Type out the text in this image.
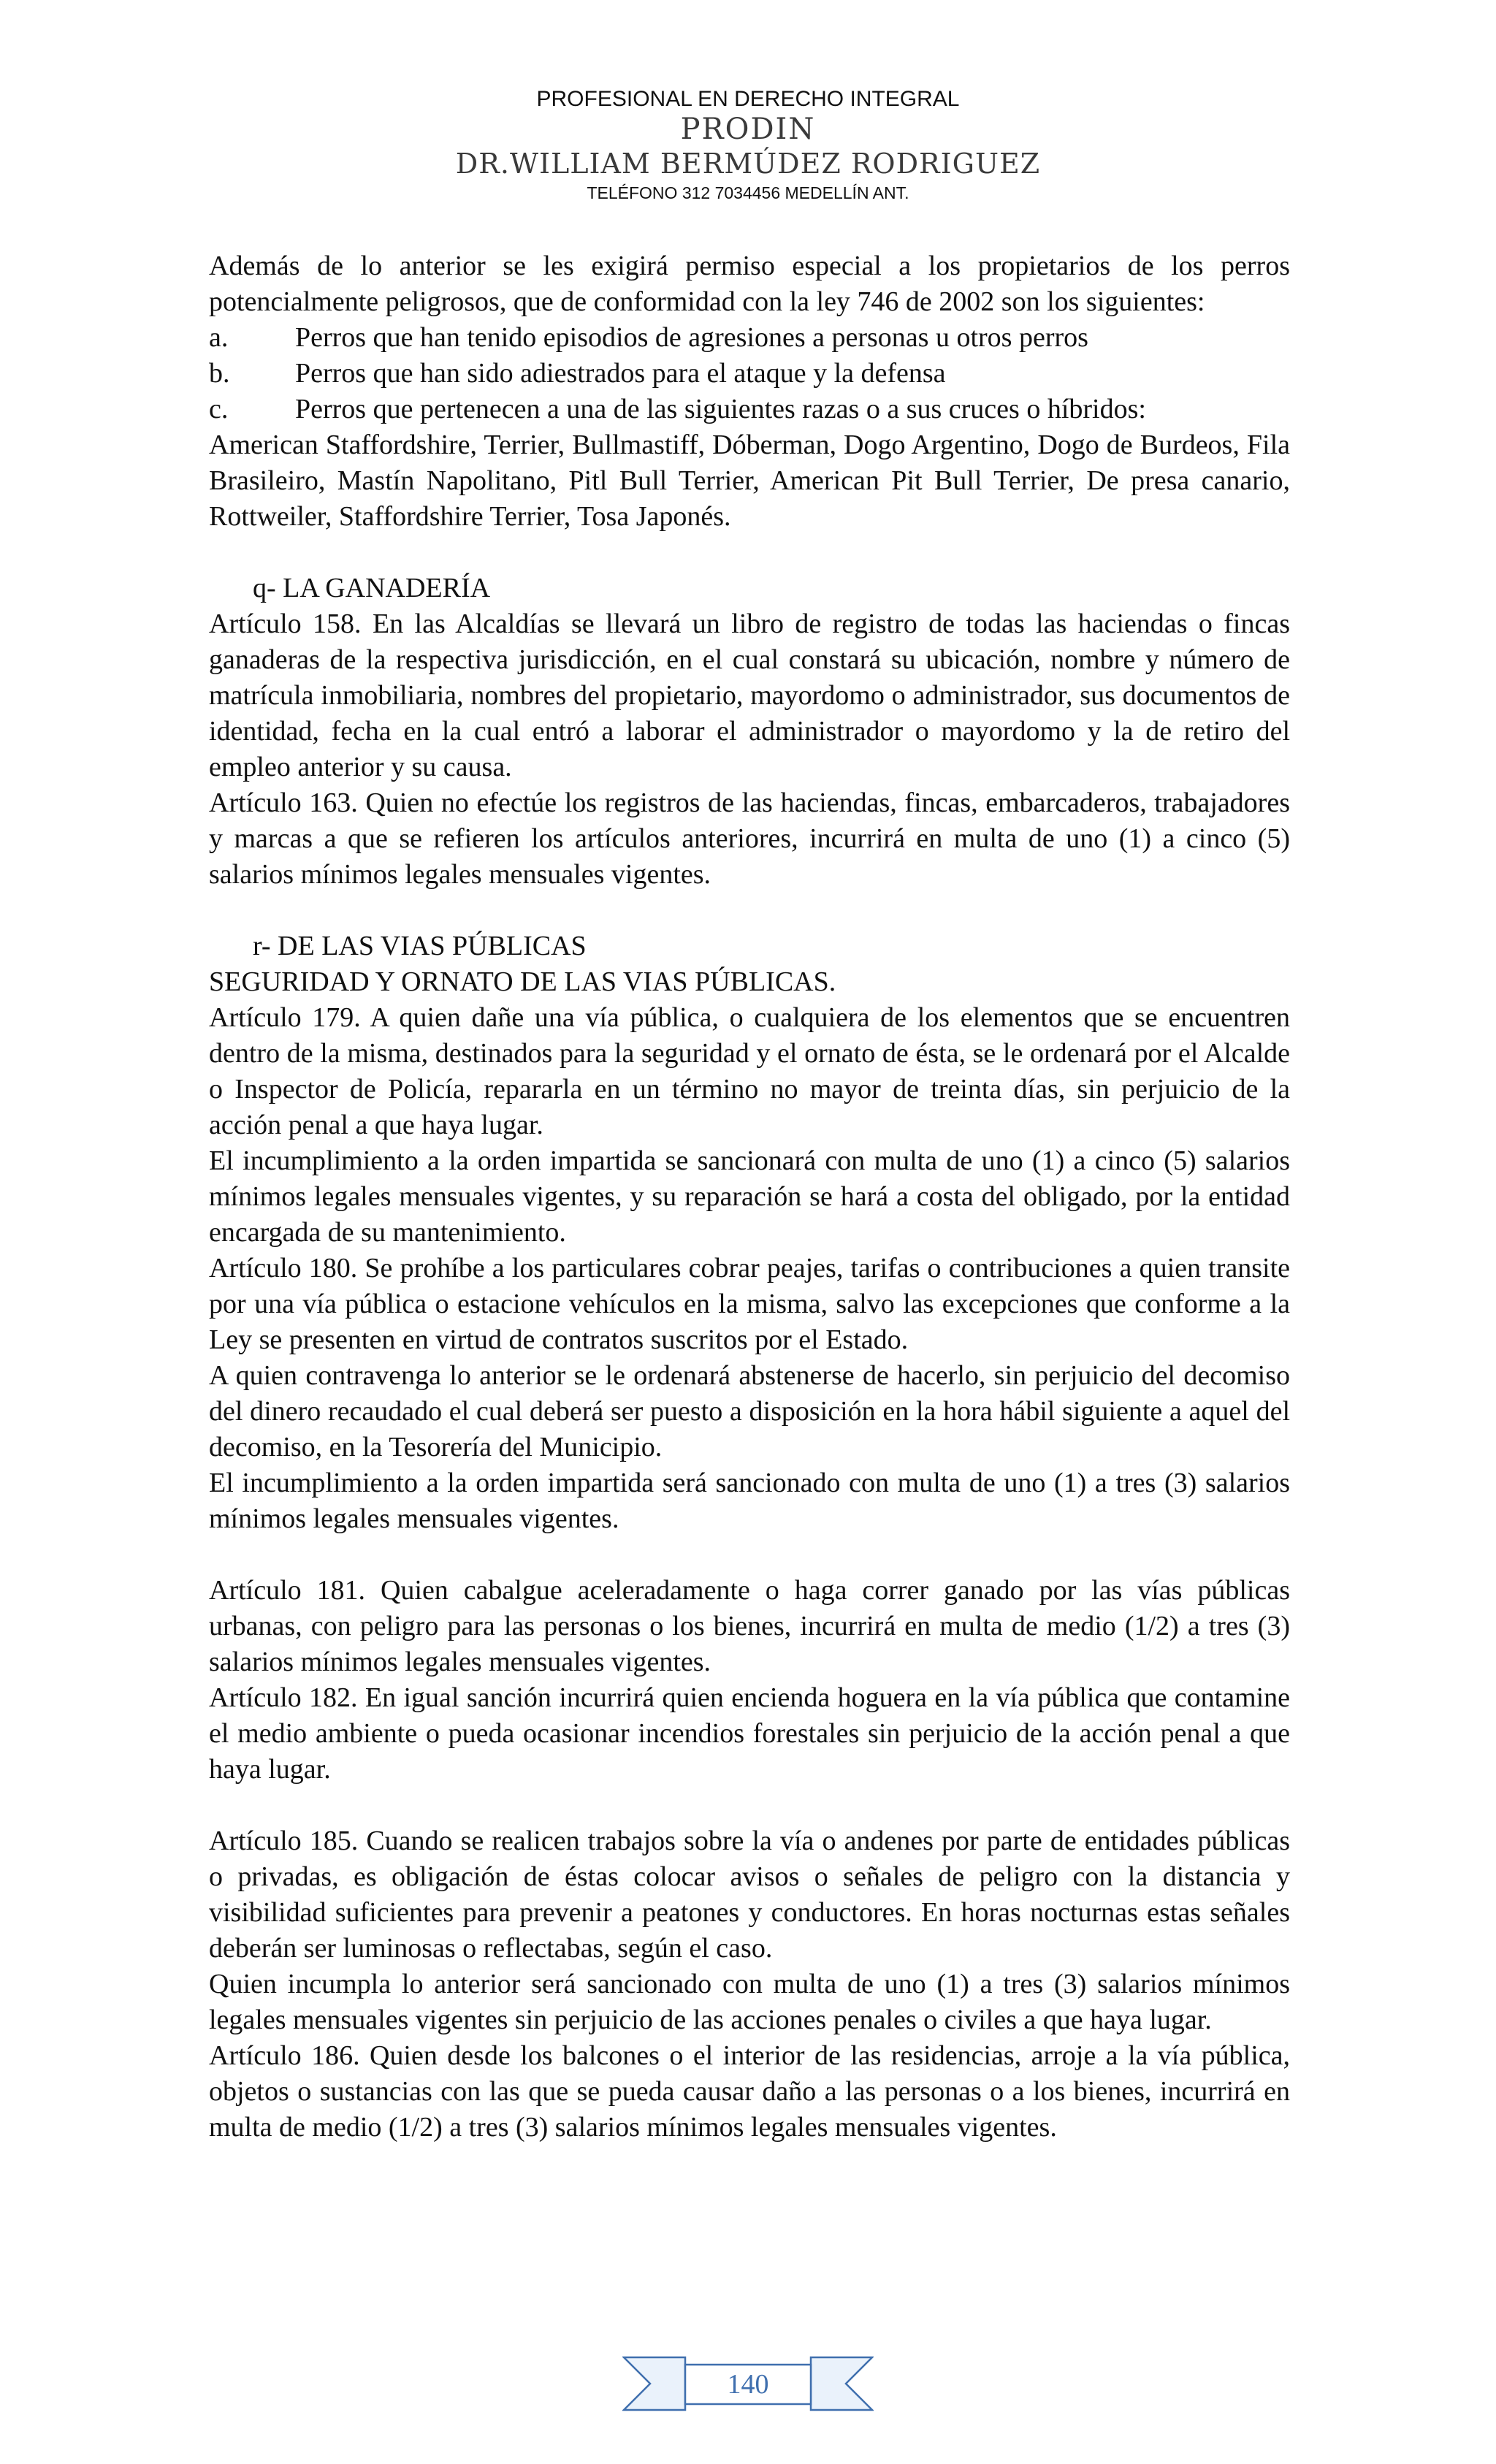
PROFESIONAL EN DERECHO INTEGRAL
PRODIN
DR.WILLIAM BERMÚDEZ RODRIGUEZ
TELÉFONO 312 7034456 MEDELLÍN ANT.

Además de lo anterior se les exigirá permiso especial a los propietarios de los perros potencialmente peligrosos, que de conformidad con la ley 746 de 2002 son los siguientes:

a.	Perros que han tenido episodios de agresiones a personas u otros perros
b.	Perros que han sido adiestrados para el ataque y la defensa
c.	Perros que pertenecen a una de las siguientes razas o a sus cruces o híbridos:

American Staffordshire, Terrier, Bullmastiff, Dóberman, Dogo Argentino, Dogo de Burdeos, Fila Brasileiro, Mastín Napolitano, Pitl Bull Terrier, American Pit Bull Terrier, De presa canario, Rottweiler, Staffordshire Terrier, Tosa Japonés.

q- LA GANADERÍA

Artículo 158. En las Alcaldías se llevará un libro de registro de todas las haciendas o fincas ganaderas de la respectiva jurisdicción, en el cual constará su ubicación, nombre y número de matrícula inmobiliaria, nombres del propietario, mayordomo o administrador, sus documentos de identidad, fecha en la cual entró a laborar el administrador o mayordomo y la de retiro del empleo anterior y su causa.

Artículo 163. Quien no efectúe los registros de las haciendas, fincas, embarcaderos, trabajadores y marcas a que se refieren los artículos anteriores, incurrirá en multa de uno (1) a cinco (5) salarios mínimos legales mensuales vigentes.

r- DE LAS VIAS PÚBLICAS

SEGURIDAD Y ORNATO DE LAS VIAS PÚBLICAS.

Artículo 179. A quien dañe una vía pública, o cualquiera de los elementos que se encuentren dentro de la misma, destinados para la seguridad y el ornato de ésta, se le ordenará por el Alcalde o Inspector de Policía, repararla en un término no mayor de treinta días, sin perjuicio de la acción penal a que haya lugar.

El incumplimiento a la orden impartida se sancionará con multa de uno (1) a cinco (5) salarios mínimos legales mensuales vigentes, y su reparación se hará a costa del obligado, por la entidad encargada de su mantenimiento.

Artículo 180. Se prohíbe a los particulares cobrar peajes, tarifas o contribuciones a quien transite por una vía pública o estacione vehículos en la misma, salvo las excepciones que conforme a la Ley se presenten en virtud de contratos suscritos por el Estado.

A quien contravenga lo anterior se le ordenará abstenerse de hacerlo, sin perjuicio del decomiso del dinero recaudado el cual deberá ser puesto a disposición en la hora hábil siguiente a aquel del decomiso, en la Tesorería del Municipio.

El incumplimiento a la orden impartida será sancionado con multa de uno (1) a tres (3) salarios mínimos legales mensuales vigentes.

Artículo 181. Quien cabalgue aceleradamente o haga correr ganado por las vías públicas urbanas, con peligro para las personas o los bienes, incurrirá en multa de medio (1/2) a tres (3) salarios mínimos legales mensuales vigentes.

Artículo 182. En igual sanción incurrirá quien encienda hoguera en la vía pública que contamine el medio ambiente o pueda ocasionar incendios forestales sin perjuicio de la acción penal a que haya lugar.

Artículo 185. Cuando se realicen trabajos sobre la vía o andenes por parte de entidades públicas o privadas, es obligación de éstas colocar avisos o señales de peligro con la distancia y visibilidad suficientes para prevenir a peatones y conductores. En horas nocturnas estas señales deberán ser luminosas o reflectabas, según el caso.

Quien incumpla lo anterior será sancionado con multa de uno (1) a tres (3) salarios mínimos legales mensuales vigentes sin perjuicio de las acciones penales o civiles a que haya lugar.

Artículo 186. Quien desde los balcones o el interior de las residencias, arroje a la vía pública, objetos o sustancias con las que se pueda causar daño a las personas o a los bienes, incurrirá en multa de medio (1/2) a tres (3) salarios mínimos legales mensuales vigentes.

140
